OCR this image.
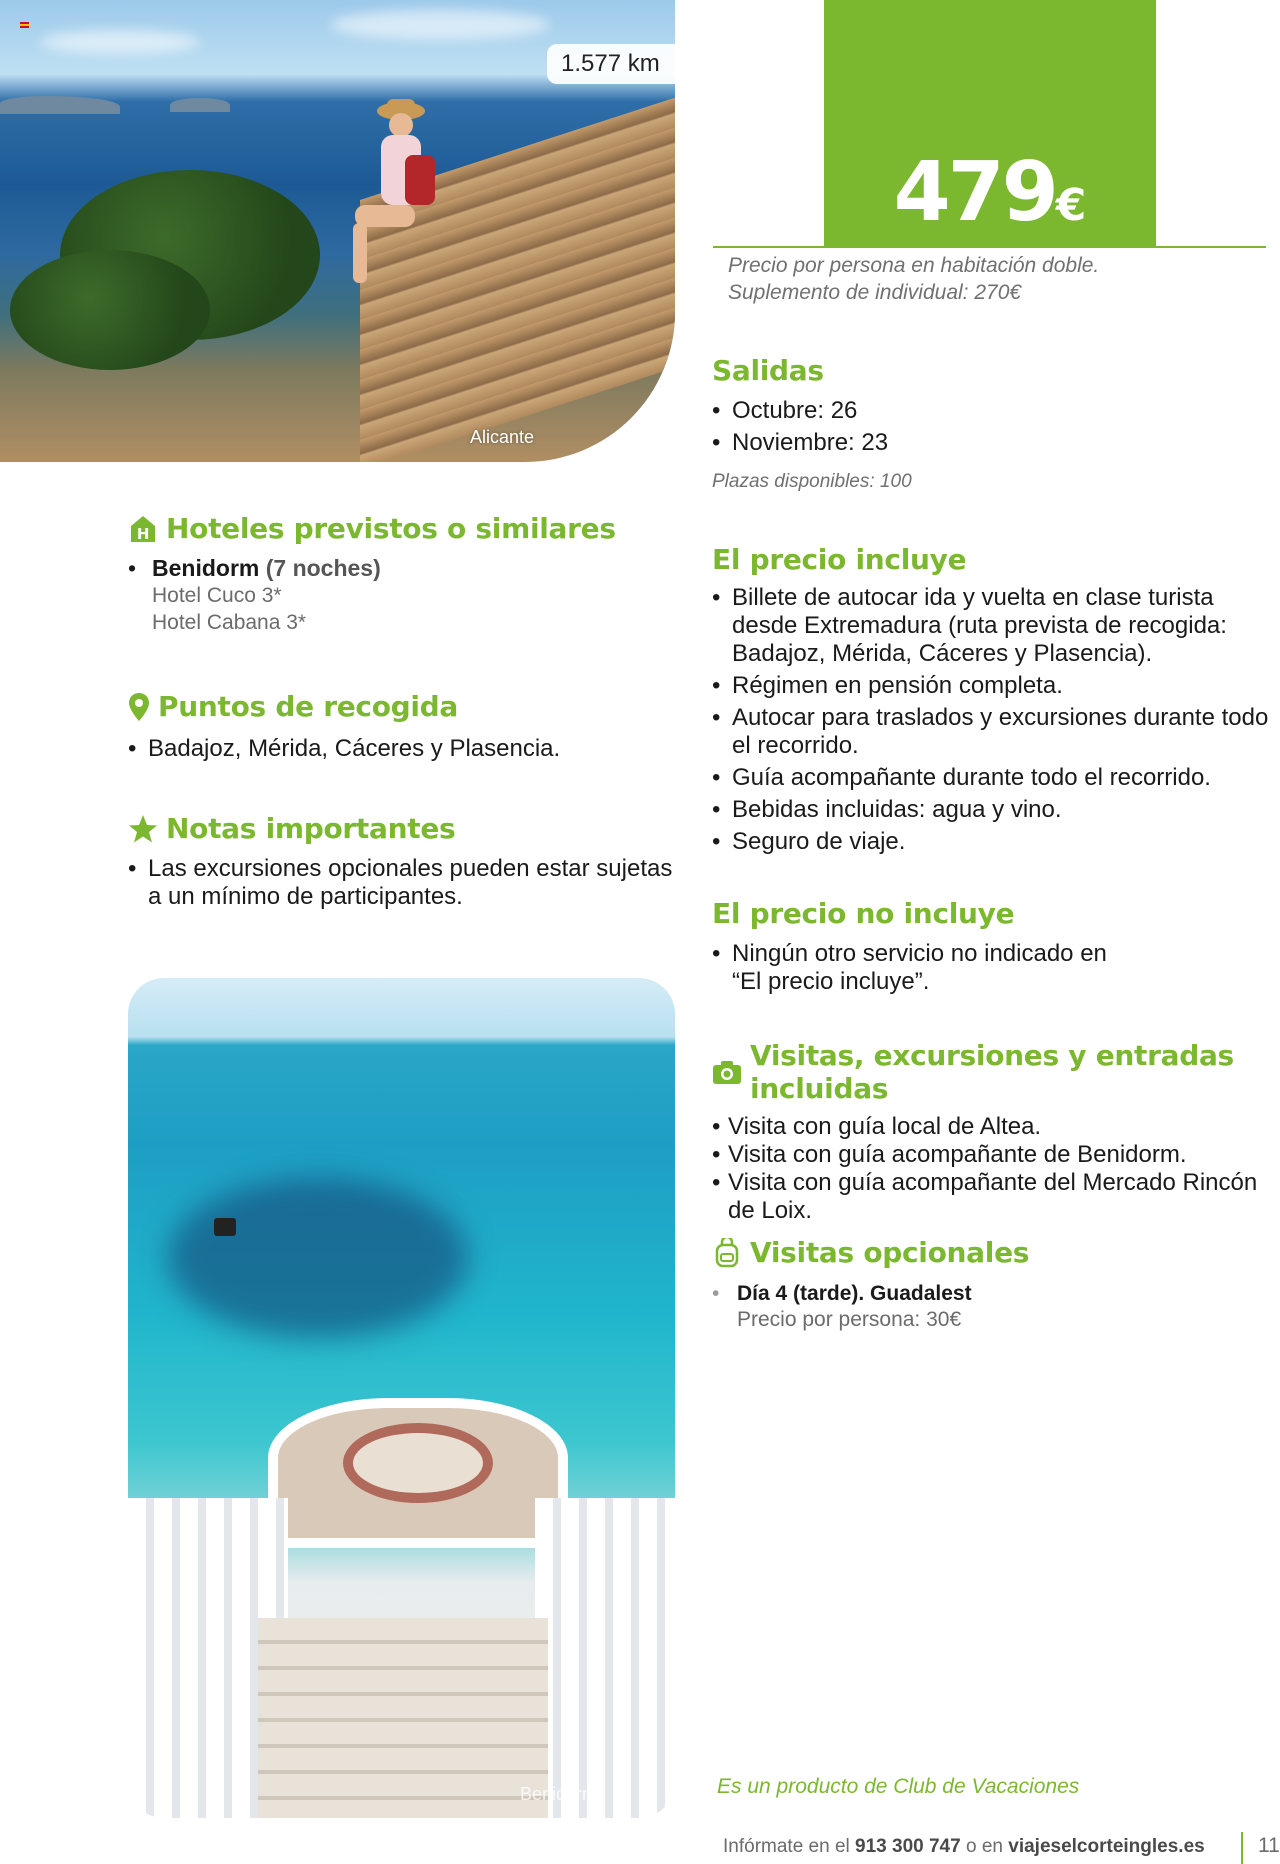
1.577 km
Alicante
479€
Precio por persona en habitación doble.
Suplemento de individual: 270€
Salidas
• Octubre: 26
• Noviembre: 23
Plazas disponibles: 100
El precio incluye
• Billete de autocar ida y vuelta en clase turista desde Extremadura (ruta prevista de recogida: Badajoz, Mérida, Cáceres y Plasencia).
• Régimen en pensión completa.
• Autocar para traslados y excursiones durante todo el recorrido.
• Guía acompañante durante todo el recorrido.
• Bebidas incluidas: agua y vino.
• Seguro de viaje.
El precio no incluye
• Ningún otro servicio no indicado en “El precio incluye”.
Visitas, excursiones y entradas incluidas
• Visita con guía local de Altea.
• Visita con guía acompañante de Benidorm.
• Visita con guía acompañante del Mercado Rincón de Loix.
Visitas opcionales
• Día 4 (tarde). Guadalest
Precio por persona: 30€
H Hoteles previstos o similares
• Benidorm (7 noches)
Hotel Cuco 3*
Hotel Cabana 3*
Puntos de recogida
• Badajoz, Mérida, Cáceres y Plasencia.
Notas importantes
• Las excursiones opcionales pueden estar sujetas a un mínimo de participantes.
Benidorm	Es un producto de Club de Vacaciones
Infórmate en el 913 300 747 o en viajeselcorteingles.es	11
